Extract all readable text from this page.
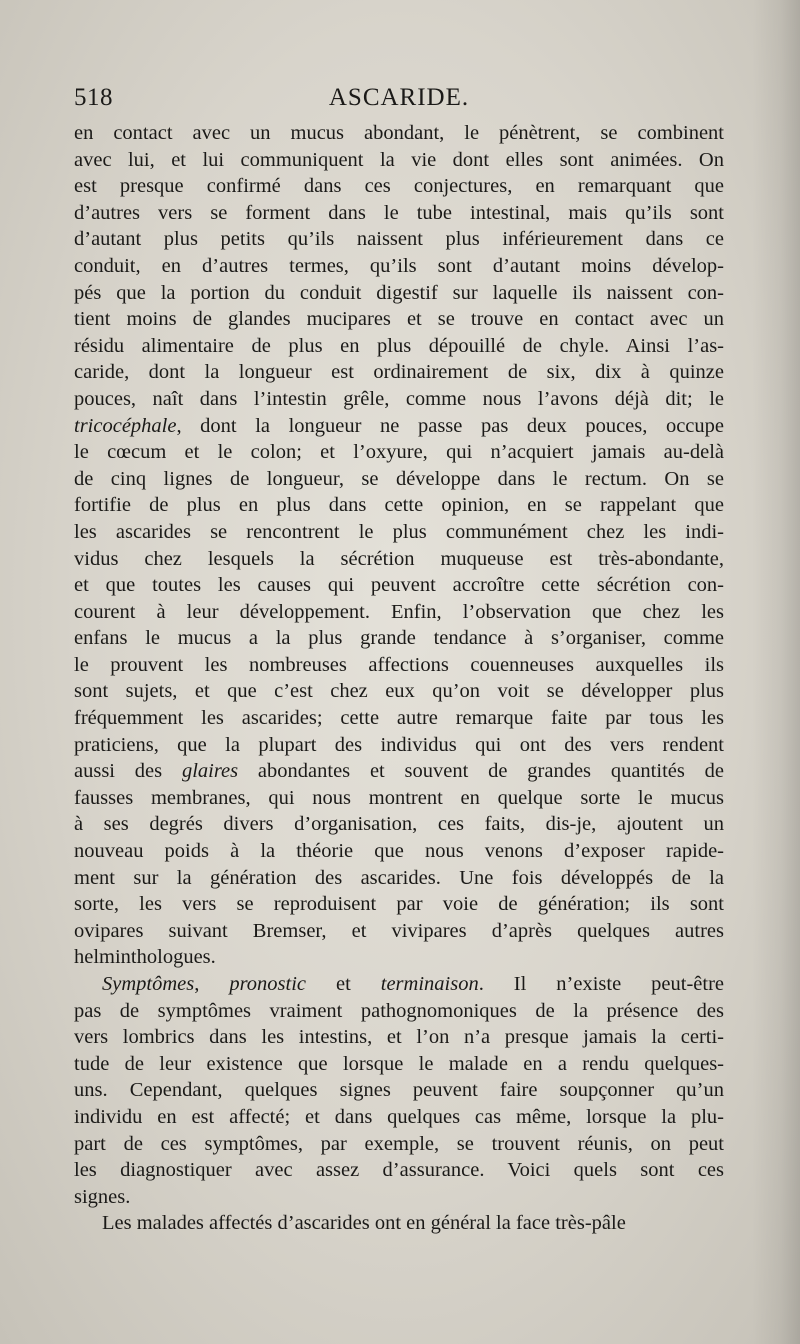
518	ASCARIDE.
en contact avec un mucus abondant, le pénètrent, se combinent
avec lui, et lui communiquent la vie dont elles sont animées. On
est presque confirmé dans ces conjectures, en remarquant que
d’autres vers se forment dans le tube intestinal, mais qu’ils sont
d’autant plus petits qu’ils naissent plus inférieurement dans ce
conduit, en d’autres termes, qu’ils sont d’autant moins dévelop-
pés que la portion du conduit digestif sur laquelle ils naissent con-
tient moins de glandes mucipares et se trouve en contact avec un
résidu alimentaire de plus en plus dépouillé de chyle. Ainsi l’as-
caride, dont la longueur est ordinairement de six, dix à quinze
pouces, naît dans l’intestin grêle, comme nous l’avons déjà dit; le
tricocéphale, dont la longueur ne passe pas deux pouces, occupe
le cœcum et le colon; et l’oxyure, qui n’acquiert jamais au-delà
de cinq lignes de longueur, se développe dans le rectum. On se
fortifie de plus en plus dans cette opinion, en se rappelant que
les ascarides se rencontrent le plus communément chez les indi-
vidus chez lesquels la sécrétion muqueuse est très-abondante,
et que toutes les causes qui peuvent accroître cette sécrétion con-
courent à leur développement. Enfin, l’observation que chez les
enfans le mucus a la plus grande tendance à s’organiser, comme
le prouvent les nombreuses affections couenneuses auxquelles ils
sont sujets, et que c’est chez eux qu’on voit se développer plus
fréquemment les ascarides; cette autre remarque faite par tous les
praticiens, que la plupart des individus qui ont des vers rendent
aussi des glaires abondantes et souvent de grandes quantités de
fausses membranes, qui nous montrent en quelque sorte le mucus
à ses degrés divers d’organisation, ces faits, dis-je, ajoutent un
nouveau poids à la théorie que nous venons d’exposer rapide-
ment sur la génération des ascarides. Une fois développés de la
sorte, les vers se reproduisent par voie de génération; ils sont
ovipares suivant Bremser, et vivipares d’après quelques autres
helminthologues.
Symptômes, pronostic et terminaison. Il n’existe peut-être
pas de symptômes vraiment pathognomoniques de la présence des
vers lombrics dans les intestins, et l’on n’a presque jamais la certi-
tude de leur existence que lorsque le malade en a rendu quelques-
uns. Cependant, quelques signes peuvent faire soupçonner qu’un
individu en est affecté; et dans quelques cas même, lorsque la plu-
part de ces symptômes, par exemple, se trouvent réunis, on peut
les diagnostiquer avec assez d’assurance. Voici quels sont ces
signes.
Les malades affectés d’ascarides ont en général la face très-pâle
